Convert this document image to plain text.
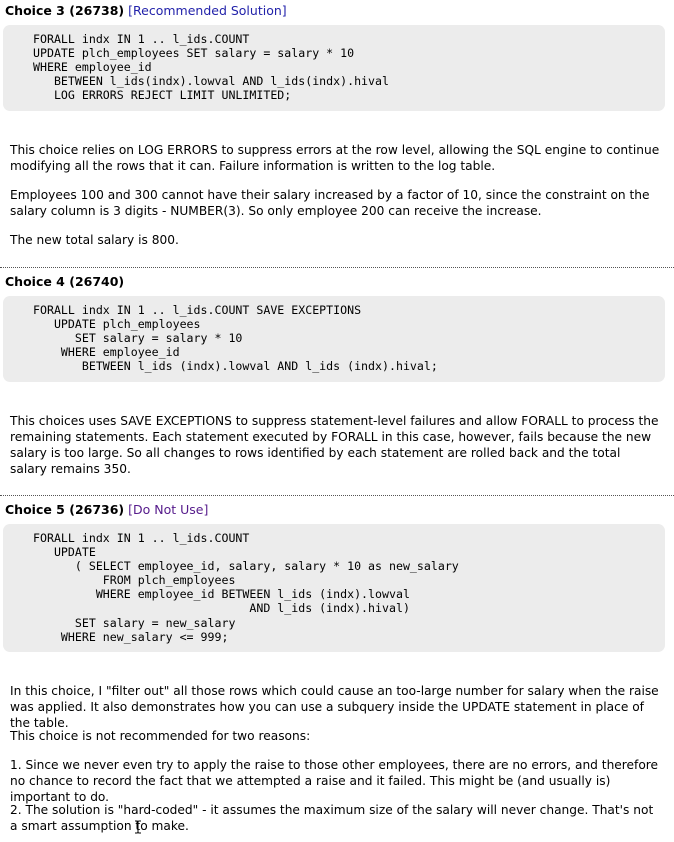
Choice 3 (26738) [Recommended Solution]
FORALL indx IN 1 .. l_ids.COUNT
UPDATE plch_employees SET salary = salary * 10
WHERE employee_id
BETWEEN l_ids(indx).lowval AND l_ids(indx).hival
LOG ERRORS REJECT LIMIT UNLIMITED;

This choice relies on LOG ERRORS to suppress errors at the row level, allowing the SQL engine to continue modifying all the rows that it can. Failure information is written to the log table.

Employees 100 and 300 cannot have their salary increased by a factor of 10, since the constraint on the salary column is 3 digits - NUMBER(3). So only employee 200 can receive the increase.

The new total salary is 800.

Choice 4 (26740)
FORALL indx IN 1 .. l_ids.COUNT SAVE EXCEPTIONS
UPDATE plch_employees
SET salary = salary * 10
WHERE employee_id
BETWEEN l_ids (indx).lowval AND l_ids (indx).hival;

This choices uses SAVE EXCEPTIONS to suppress statement-level failures and allow FORALL to process the remaining statements. Each statement executed by FORALL in this case, however, fails because the new salary is too large. So all changes to rows identified by each statement are rolled back and the total salary remains 350.

Choice 5 (26736) [Do Not Use]
FORALL indx IN 1 .. l_ids.COUNT
UPDATE
( SELECT employee_id, salary, salary * 10 as new_salary
FROM plch_employees
WHERE employee_id BETWEEN l_ids (indx).lowval
AND l_ids (indx).hival)
SET salary = new_salary
WHERE new_salary <= 999;

In this choice, I "filter out" all those rows which could cause an too-large number for salary when the raise was applied. It also demonstrates how you can use a subquery inside the UPDATE statement in place of the table.

This choice is not recommended for two reasons:

1. Since we never even try to apply the raise to those other employees, there are no errors, and therefore no chance to record the fact that we attempted a raise and it failed. This might be (and usually is) important to do.

2. The solution is "hard-coded" - it assumes the maximum size of the salary will never change. That's not a smart assumption to make.
